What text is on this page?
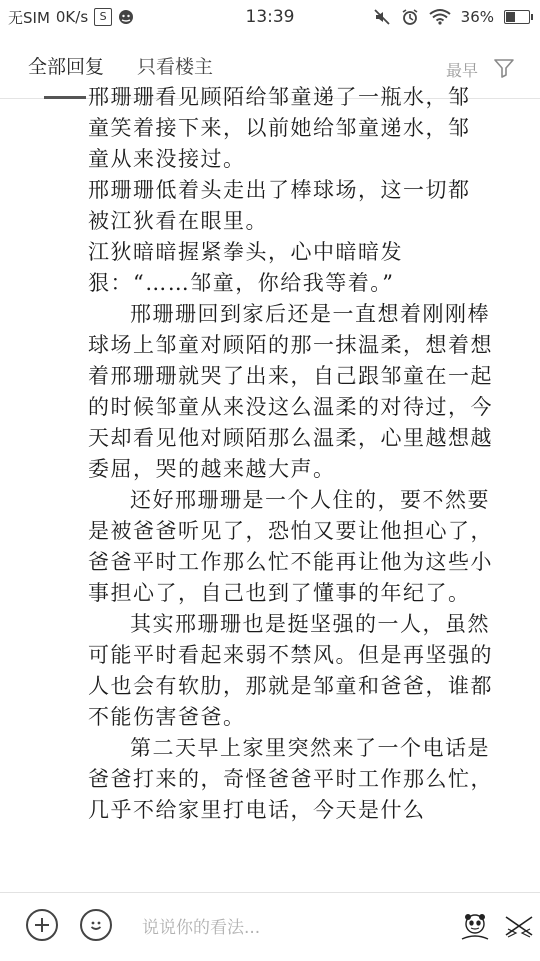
无SIM 0K/s S	13:39	36%
全部回复 只看楼主	最早

邢珊珊看见顾陌给邹童递了一瓶水，邹

童笑着接下来，以前她给邹童递水，邹

童从来没接过。

邢珊珊低着头走出了棒球场，这一切都

被江狄看在眼里。

江狄暗暗握紧拳头，心中暗暗发

狠：“……邹童，你给我等着。”

邢珊珊回到家后还是一直想着刚刚棒球场上邹童对顾陌的那一抹温柔，想着想着邢珊珊就哭了出来，自己跟邹童在一起的时候邹童从来没这么温柔的对待过，今天却看见他对顾陌那么温柔，心里越想越委屈，哭的越来越大声。

还好邢珊珊是一个人住的，要不然要是被爸爸听见了，恐怕又要让他担心了，爸爸平时工作那么忙不能再让他为这些小事担心了，自己也到了懂事的年纪了。

其实邢珊珊也是挺坚强的一人，虽然可能平时看起来弱不禁风。但是再坚强的人也会有软肋，那就是邹童和爸爸，谁都不能伤害爸爸。

第二天早上家里突然来了一个电话是爸爸打来的，奇怪爸爸平时工作那么忙，几乎不给家里打电话，今天是什么

说说你的看法...
